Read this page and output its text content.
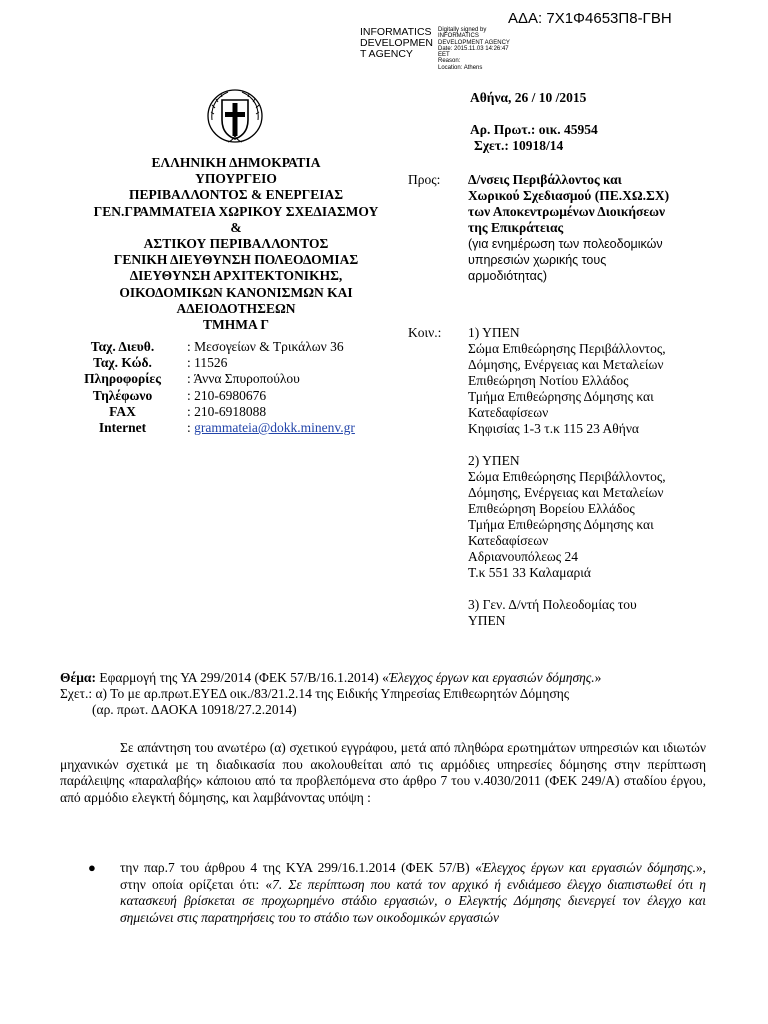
ΑΔΑ: 7Χ1Φ4653Π8-ΓΒΗ
INFORMATICS
DEVELOPMEN
T AGENCY
Digitally signed by
INFORMATICS
DEVELOPMENT AGENCY
Date: 2015.11.03 14:26:47
EET
Reason:
Location: Athens
ΕΛΛΗΝΙΚΗ ΔΗΜΟΚΡΑΤΙΑ
ΥΠΟΥΡΓΕΙΟ
ΠΕΡΙΒΑΛΛΟΝΤΟΣ & ΕΝΕΡΓΕΙΑΣ
ΓΕΝ.ΓΡΑΜΜΑΤΕΙΑ ΧΩΡΙΚΟΥ ΣΧΕΔΙΑΣΜΟΥ
&
ΑΣΤΙΚΟΥ ΠΕΡΙΒΑΛΛΟΝΤΟΣ
ΓΕΝΙΚΗ ΔΙΕΥΘΥΝΣΗ ΠΟΛΕΟΔΟΜΙΑΣ
ΔΙΕΥΘΥΝΣΗ ΑΡΧΙΤΕΚΤΟΝΙΚΗΣ,
ΟΙΚΟΔΟΜΙΚΩΝ ΚΑΝΟΝΙΣΜΩΝ ΚΑΙ
ΑΔΕΙΟΔΟΤΗΣΕΩΝ
ΤΜΗΜΑ Γ
Ταχ. Διευθ.	: Μεσογείων & Τρικάλων 36
Ταχ. Κώδ.	: 11526
Πληροφορίες	: Άννα Σπυροπούλου
Τηλέφωνο	: 210-6980676
FAX	: 210-6918088
Internet	: grammateia@dokk.minenv.gr
Αθήνα, 26 / 10 /2015
Αρ. Πρωτ.: οικ. 45954
Σχετ.: 10918/14
Προς: Δ/νσεις Περιβάλλοντος και
Χωρικού Σχεδιασμού (ΠΕ.ΧΩ.ΣΧ)
των Αποκεντρωμένων Διοικήσεων
της Επικράτειας
(για ενημέρωση των πολεοδομικών
υπηρεσιών χωρικής τους
αρμοδιότητας)
Κοιν.: 1) ΥΠΕΝ
Σώμα Επιθεώρησης Περιβάλλοντος,
Δόμησης, Ενέργειας και Μεταλείων
Επιθεώρηση Νοτίου Ελλάδος
Τμήμα Επιθεώρησης Δόμησης και
Κατεδαφίσεων
Κηφισίας 1-3 τ.κ 115 23 Αθήνα
2) ΥΠΕΝ
Σώμα Επιθεώρησης Περιβάλλοντος,
Δόμησης, Ενέργειας και Μεταλείων
Επιθεώρηση Βορείου Ελλάδος
Τμήμα Επιθεώρησης Δόμησης και
Κατεδαφίσεων
Αδριανουπόλεως 24
Τ.κ 551 33 Καλαμαριά
3) Γεν. Δ/ντή Πολεοδομίας του
ΥΠΕΝ
Θέμα: Εφαρμογή της ΥΑ 299/2014 (ΦΕΚ 57/Β/16.1.2014) «Έλεγχος έργων και εργασιών δόμησης.»
Σχετ.: α) Το με αρ.πρωτ.ΕΥΕΔ οικ./83/21.2.14 της Ειδικής Υπηρεσίας Επιθεωρητών Δόμησης
(αρ. πρωτ. ΔΑΟΚΑ 10918/27.2.2014)
Σε απάντηση του ανωτέρω (α) σχετικού εγγράφου, μετά από πληθώρα ερωτημάτων υπηρεσιών και ιδιωτών μηχανικών σχετικά με τη διαδικασία που ακολουθείται από τις αρμόδιες υπηρεσίες δόμησης στην περίπτωση παράλειψης «παραλαβής» κάποιου από τα προβλεπόμενα στο άρθρο 7 του ν.4030/2011 (ΦΕΚ 249/Α) σταδίου έργου, από αρμόδιο ελεγκτή δόμησης, και λαμβάνοντας υπόψη :
● την παρ.7 του άρθρου 4 της ΚΥΑ 299/16.1.2014 (ΦΕΚ 57/Β) «Έλεγχος έργων και εργασιών δόμησης.», στην οποία ορίζεται ότι: «7. Σε περίπτωση που κατά τον αρχικό ή ενδιάμεσο έλεγχο διαπιστωθεί ότι η κατασκευή βρίσκεται σε προχωρημένο στάδιο εργασιών, ο Ελεγκτής Δόμησης διενεργεί τον έλεγχο και σημειώνει στις παρατηρήσεις του το στάδιο των οικοδομικών εργασιών
